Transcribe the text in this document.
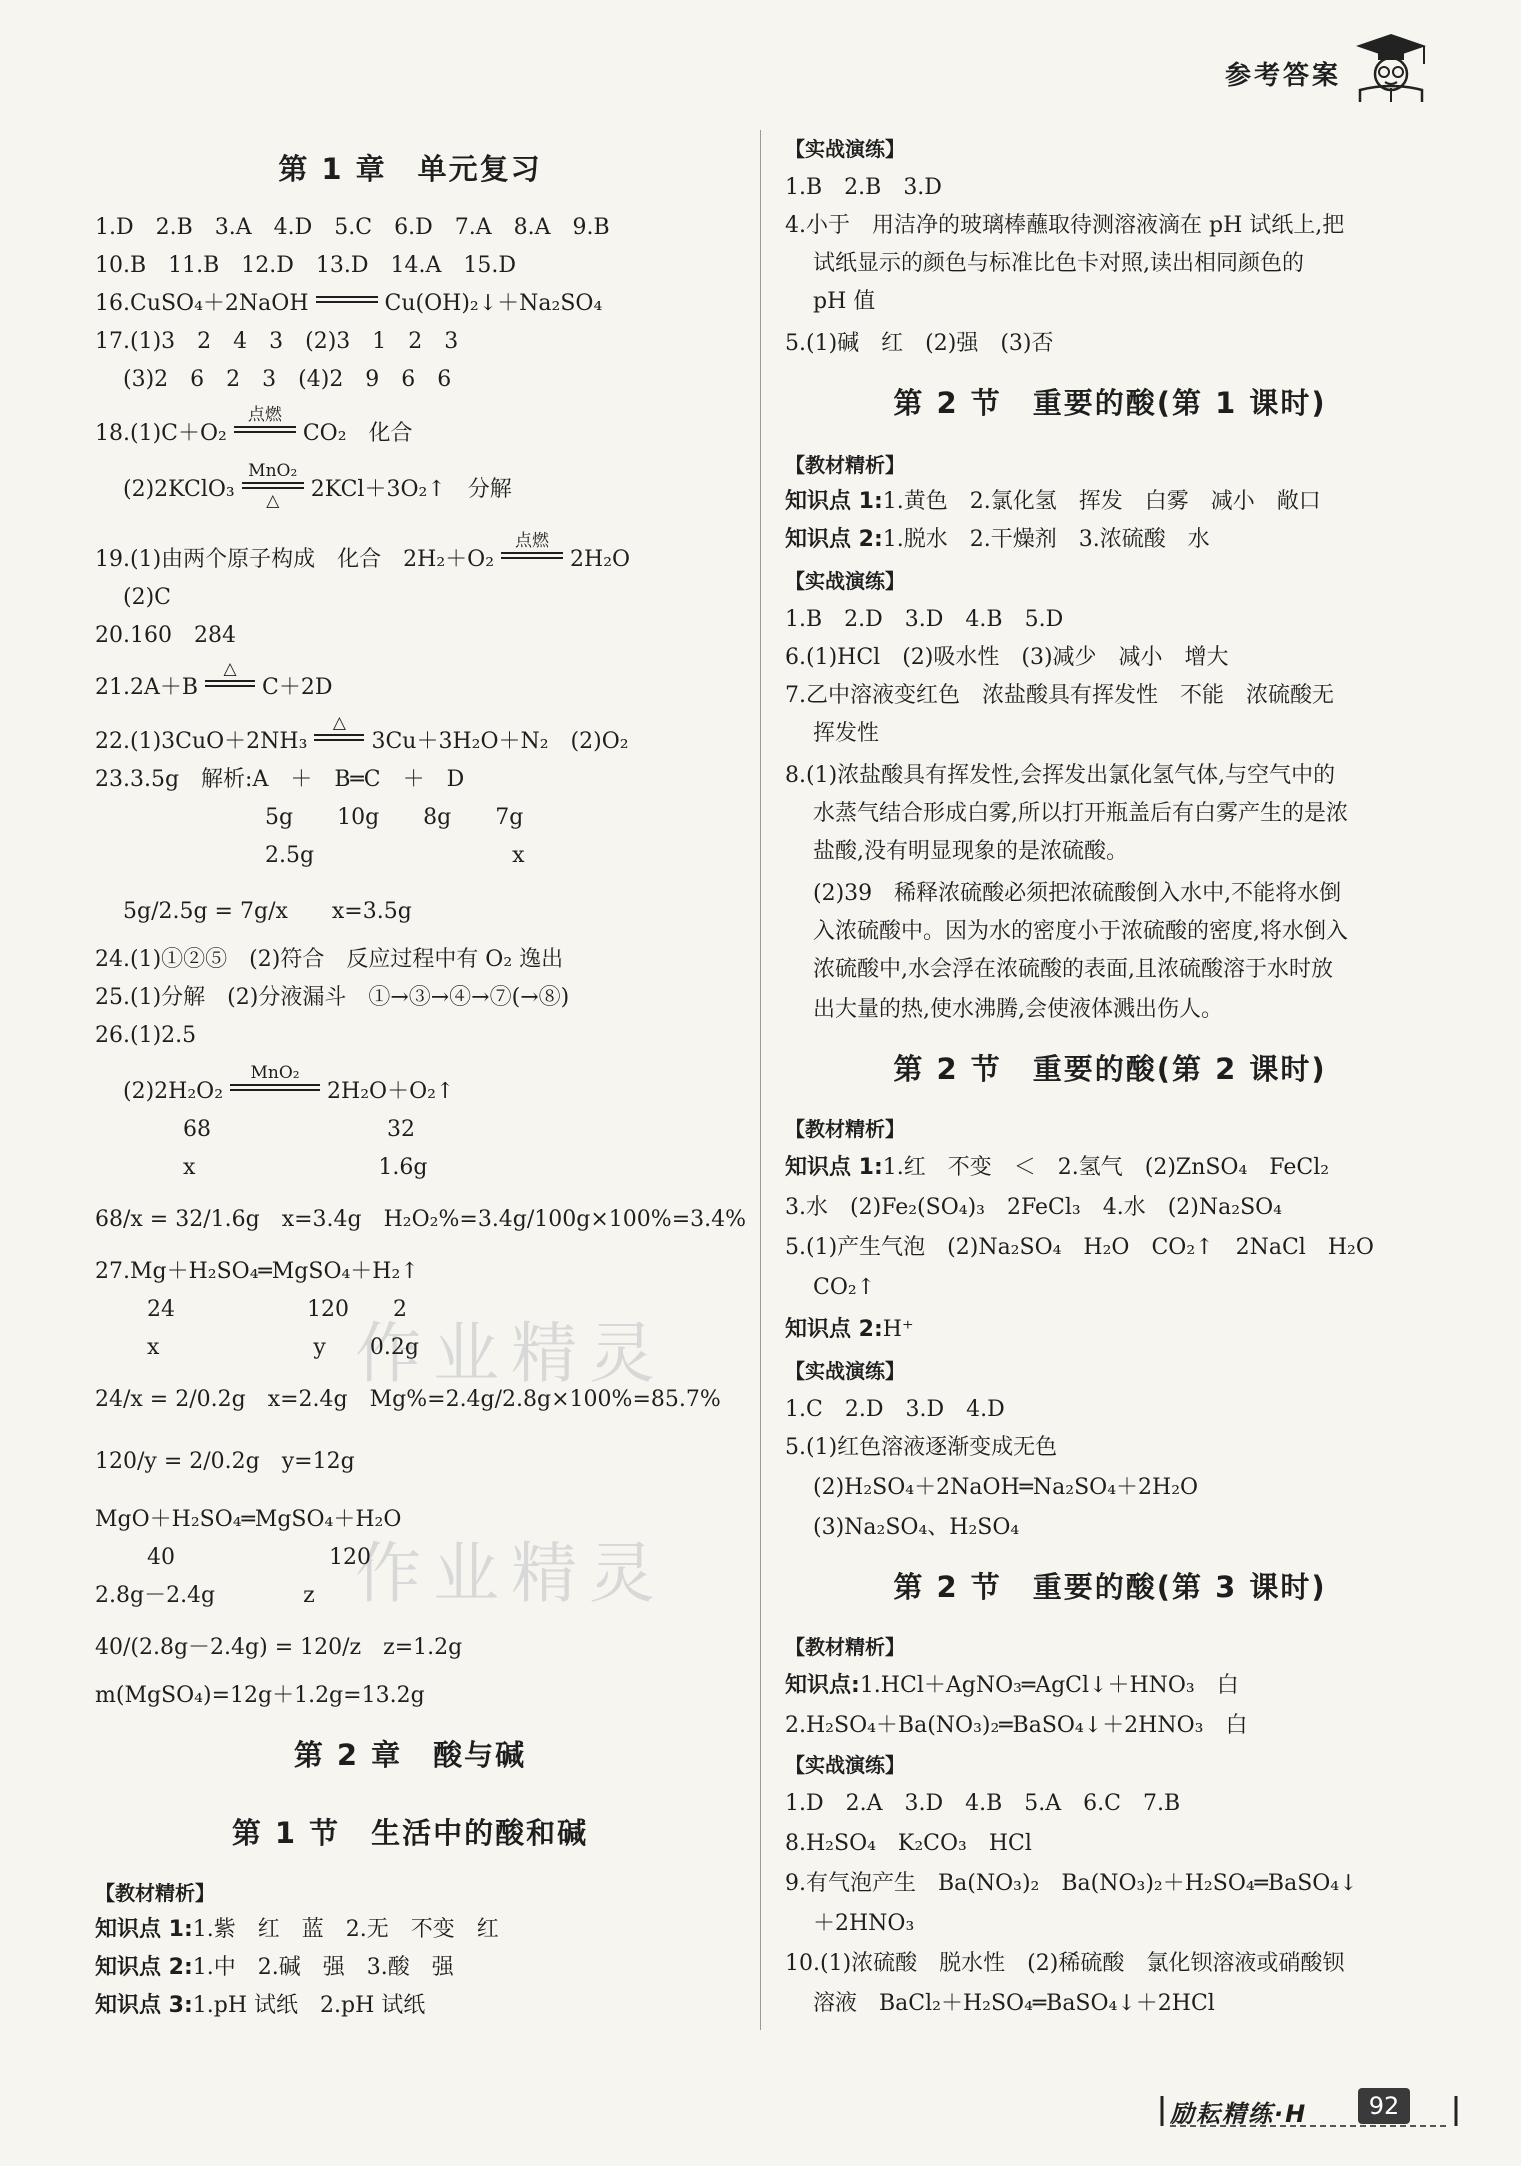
参考答案
作业精灵
作业精灵
第 1 章　单元复习
1.D　2.B　3.A　4.D　5.C　6.D　7.A　8.A　9.B
10.B　11.B　12.D　13.D　14.A　15.D
16.CuSO₄＋2NaOH	Cu(OH)₂↓＋Na₂SO₄
17.(1)3　2　4　3　(2)3　1　2　3
(3)2　6　2　3　(4)2　9　6　6
18.(1)C＋O₂
点燃
CO₂　化合
(2)2KClO₃
MnO₂
△	2KCl＋3O₂↑　分解
19.(1)由两个原子构成　化合　2H₂＋O₂
点燃
2H₂O
(2)C
20.160　284
21.2A＋B
△
C＋2D
22.(1)3CuO＋2NH₃
△
3Cu＋3H₂O＋N₂　(2)O₂
23.3.5g　解析:A　＋　B═C　＋　D
5g　　10g　　8g　　7g
2.5g　　　　　　　　　x
5g/2.5g = 7g/x　　x=3.5g
24.(1)①②⑤　(2)符合　反应过程中有 O₂ 逸出
25.(1)分解　(2)分液漏斗　①→③→④→⑦(→⑧)
26.(1)2.5
(2)2H₂O₂
MnO₂
2H₂O＋O₂↑
68　　　　　　　　32
x　　　　　　　　 1.6g
68/x = 32/1.6g　x=3.4g　H₂O₂%=3.4g/100g×100%=3.4%
27.Mg＋H₂SO₄═MgSO₄＋H₂↑
24　　　　　　120　　2
x　　　　　　　y　　0.2g
24/x = 2/0.2g　x=2.4g　Mg%=2.4g/2.8g×100%=85.7%
120/y = 2/0.2g　y=12g
MgO＋H₂SO₄═MgSO₄＋H₂O
40　　　　　　　120
2.8g－2.4g　　　　z
40/(2.8g－2.4g) = 120/z　z=1.2g
m(MgSO₄)=12g＋1.2g=13.2g
第 2 章　酸与碱
第 1 节　生活中的酸和碱
【教材精析】
知识点 1:1.紫　红　蓝　2.无　不变　红
知识点 2:1.中　2.碱　强　3.酸　强
知识点 3:1.pH 试纸　2.pH 试纸
【实战演练】
1.B　2.B　3.D
4.小于　用洁净的玻璃棒蘸取待测溶液滴在 pH 试纸上,把
试纸显示的颜色与标准比色卡对照,读出相同颜色的
pH 值
5.(1)碱　红　(2)强　(3)否
第 2 节　重要的酸(第 1 课时)
【教材精析】
知识点 1:1.黄色　2.氯化氢　挥发　白雾　减小　敞口
知识点 2:1.脱水　2.干燥剂　3.浓硫酸　水
【实战演练】
1.B　2.D　3.D　4.B　5.D
6.(1)HCl　(2)吸水性　(3)减少　减小　增大
7.乙中溶液变红色　浓盐酸具有挥发性　不能　浓硫酸无
挥发性
8.(1)浓盐酸具有挥发性,会挥发出氯化氢气体,与空气中的
水蒸气结合形成白雾,所以打开瓶盖后有白雾产生的是浓
盐酸,没有明显现象的是浓硫酸。
(2)39　稀释浓硫酸必须把浓硫酸倒入水中,不能将水倒
入浓硫酸中。因为水的密度小于浓硫酸的密度,将水倒入
浓硫酸中,水会浮在浓硫酸的表面,且浓硫酸溶于水时放
出大量的热,使水沸腾,会使液体溅出伤人。
第 2 节　重要的酸(第 2 课时)
【教材精析】
知识点 1:1.红　不变　＜　2.氢气　(2)ZnSO₄　FeCl₂
3.水　(2)Fe₂(SO₄)₃　2FeCl₃　4.水　(2)Na₂SO₄
5.(1)产生气泡　(2)Na₂SO₄　H₂O　CO₂↑　2NaCl　H₂O
CO₂↑
知识点 2:H⁺
【实战演练】
1.C　2.D　3.D　4.D
5.(1)红色溶液逐渐变成无色
(2)H₂SO₄＋2NaOH═Na₂SO₄＋2H₂O
(3)Na₂SO₄、H₂SO₄
第 2 节　重要的酸(第 3 课时)
【教材精析】
知识点:1.HCl＋AgNO₃═AgCl↓＋HNO₃　白
2.H₂SO₄＋Ba(NO₃)₂═BaSO₄↓＋2HNO₃　白
【实战演练】
1.D　2.A　3.D　4.B　5.A　6.C　7.B
8.H₂SO₄　K₂CO₃　HCl
9.有气泡产生　Ba(NO₃)₂　Ba(NO₃)₂＋H₂SO₄═BaSO₄↓
＋2HNO₃
10.(1)浓硫酸　脱水性　(2)稀硫酸　氯化钡溶液或硝酸钡
溶液　BaCl₂＋H₂SO₄═BaSO₄↓＋2HCl
励耘精练·H	92
